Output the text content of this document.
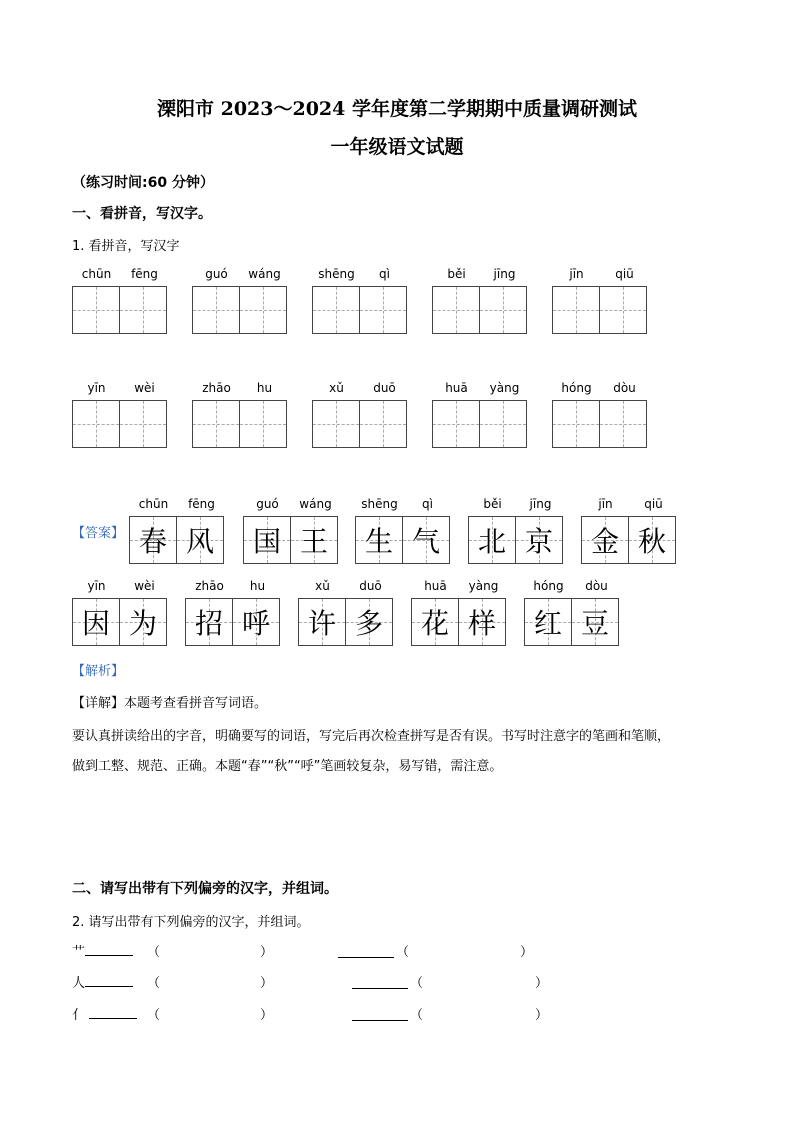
溧阳市 2023～2024 学年度第二学期期中质量调研测试
一年级语文试题
（练习时间:60 分钟）
一、看拼音，写汉字。
1. 看拼音，写汉字
【答案】
【解析】
【详解】本题考查看拼音写词语。
要认真拼读给出的字音，明确要写的词语，写完后再次检查拼写是否有误。书写时注意字的笔画和笔顺，
做到工整、规范、正确。本题“春”“秋”“呼”笔画较复杂，易写错，需注意。
二、请写出带有下列偏旁的汉字，并组词。
2. 请写出带有下列偏旁的汉字，并组词。
艹	（	）	（	）
人	（	）	（	）
亻	（	）	（	）
chūn	fēng	guó	wáng	shēng	qì	běi	jīng	jīn	qiū
yīn	wèi	zhāo	hu	xǔ	duō	huā	yàng	hóng	dòu
chūn	fēng
春 风
guó	wáng
国 王
shēng	qì
生 气
běi	jīng
北 京
jīn	qiū
金 秋
yīn	wèi
因 为
zhāo	hu
招 呼
xǔ	duō
许 多
huā	yàng
花 样
hóng	dòu
红 豆
